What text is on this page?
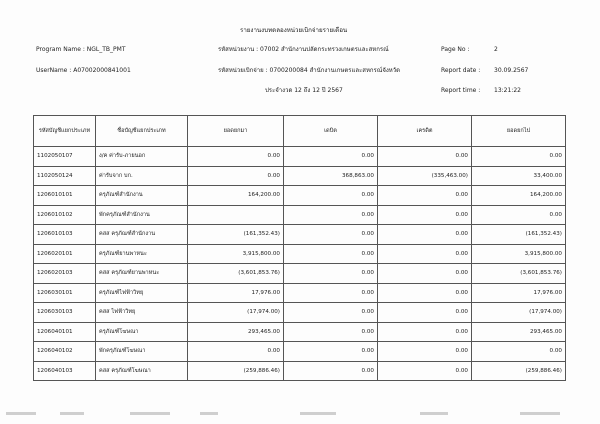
รายงานงบทดลองหน่วยเบิกจ่ายรายเดือน
Program Name : NGL_TB_PMT	รหัสหน่วยงาน : 07002 สำนักงานปลัดกระทรวงเกษตรและสหกรณ์	Page No :	2
UserName : A07002000841001	รหัสหน่วยเบิกจ่าย : 0700200084 สำนักงานเกษตรและสหกรณ์จังหวัด	Report date : 30.09.2567
ประจำงวด 12 ถึง 12 ปี 2567	Report time : 13:21:22
รหัสบัญชีแยกประเภท	ชื่อบัญชีแยกประเภท	ยอดยกมา	เดบิต	เครดิต	ยอดยกไป
1102050107	ง/ค ค่ารับ-ภายนอก	0.00	0.00	0.00	0.00
1102050124	ค่ารับจาก บก.	0.00	368,863.00	(335,463.00)	33,400.00
1206010101	ครุภัณฑ์สำนักงาน	164,200.00	0.00	0.00	164,200.00
1206010102	พักครุภัณฑ์สำนักงาน		0.00	0.00	0.00
1206010103	คสส ครุภัณฑ์สำนักงาน	(161,352.43)	0.00	0.00	(161,352.43)
1206020101	ครุภัณฑ์ยานพาหนะ	3,915,800.00	0.00	0.00	3,915,800.00
1206020103	คสส ครุภัณฑ์ยานพาหนะ	(3,601,853.76)	0.00	0.00	(3,601,853.76)
1206030101	ครุภัณฑ์ไฟฟ้าวิทยุ	17,976.00	0.00	0.00	17,976.00
1206030103	คสส ไฟฟ้าวิทยุ	(17,974.00)	0.00	0.00	(17,974.00)
1206040101	ครุภัณฑ์โฆษณา	293,465.00	0.00	0.00	293,465.00
1206040102	พักครุภัณฑ์โฆษณา	0.00	0.00	0.00	0.00
1206040103	คสส ครุภัณฑ์โฆษณา	(259,886.46)	0.00	0.00	(259,886.46)
